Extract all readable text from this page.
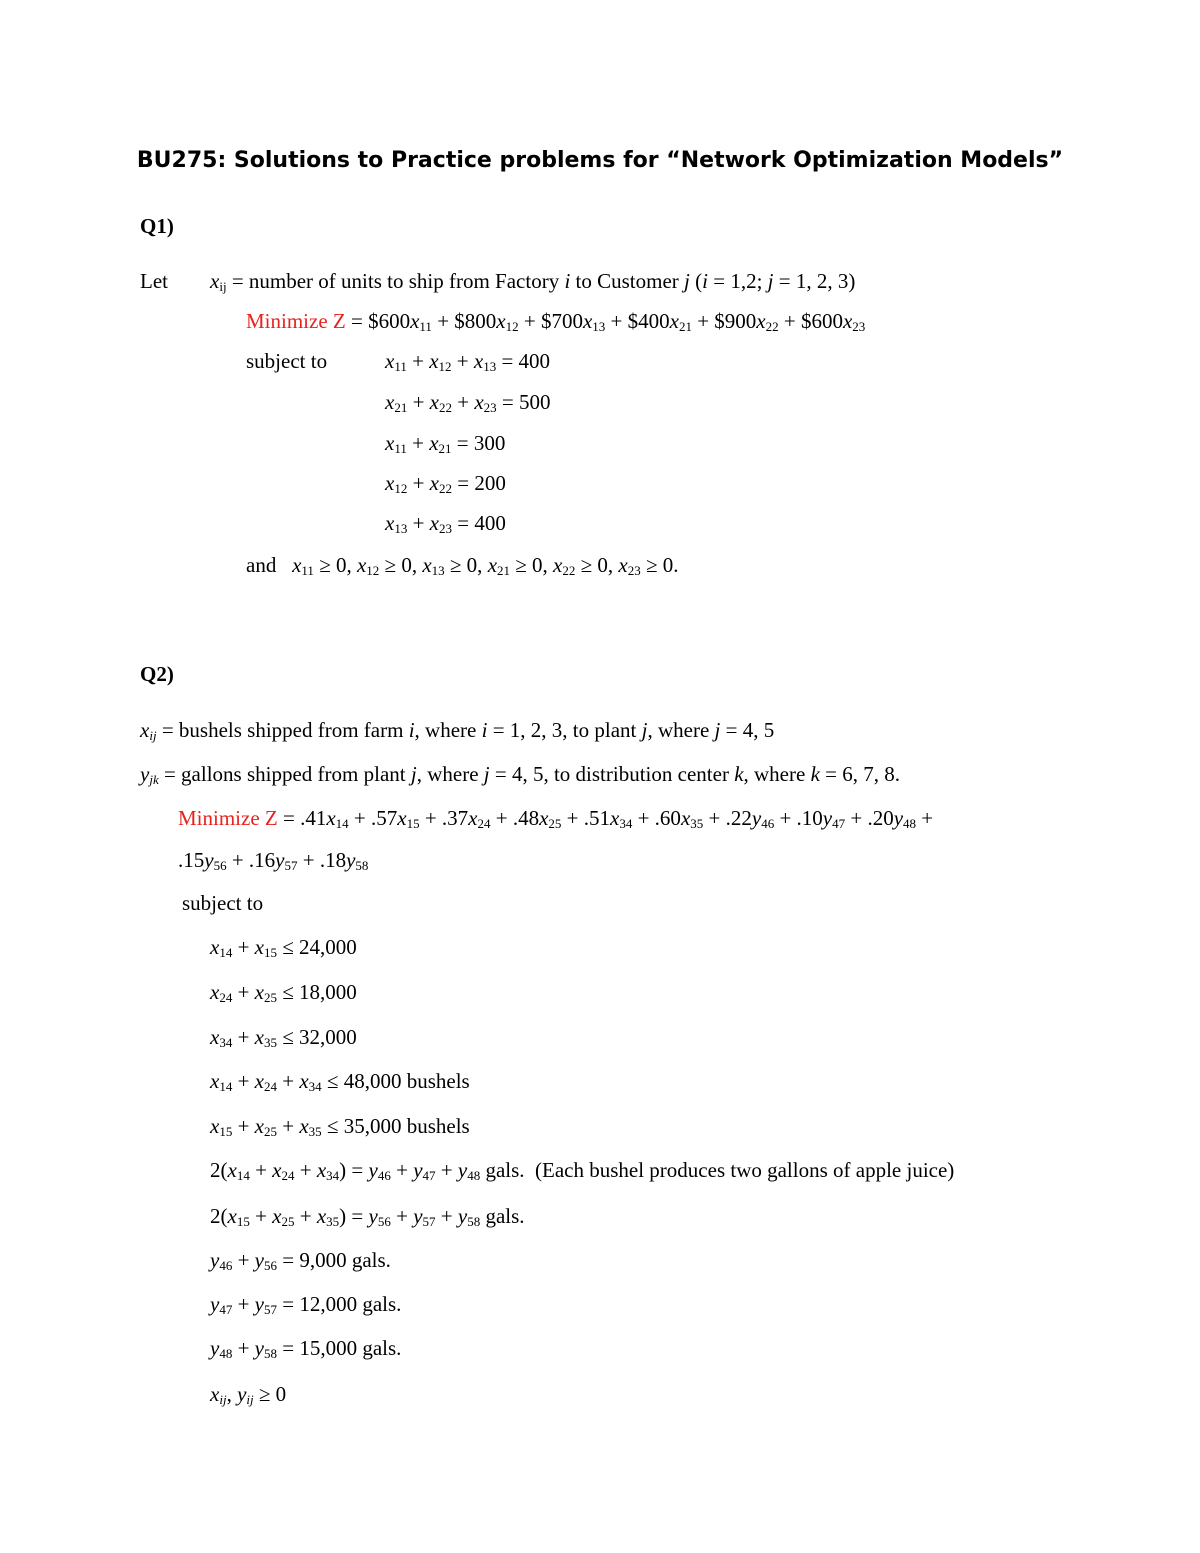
BU275: Solutions to Practice problems for “Network Optimization Models”
Q1)
Let $x_{ij}$ = number of units to ship from Factory i to Customer j (i = 1,2; j = 1, 2, 3)
Minimize $Z = \$600x_{11}$ + $\$800x_{12}$ + $\$700x_{13}$ + $\$400x_{21}$ + $\$900x_{22}$ + $\$600x_{23}$
subject to	$x_{11} + x_{12} + x_{13} = 400$
$x_{21} + x_{22} + x_{23} = 500$
$x_{11} + x_{21} = 300$
$x_{12} + x_{22} = 200$
$x_{13} + x_{23} = 400$
and   $x_{11} \ge 0$, $x_{12} \ge 0$, $x_{13} \ge 0$, $x_{21} \ge 0$, $x_{22} \ge 0$, $x_{23} \ge 0$.
Q2)
$x_{ij}$ = bushels shipped from farm i, where i = 1, 2, 3, to plant j, where j = 4, 5
$y_{jk}$ = gallons shipped from plant j, where j = 4, 5, to distribution center k, where k = 6, 7, 8.
Minimize $Z = .41x_{14} + .57x_{15} + .37x_{24} + .48x_{25} + .51x_{34} + .60x_{35} + .22y_{46} + .10y_{47} + .20y_{48}$ +
$.15y_{56} + .16y_{57} + .18y_{58}$
subject to
$x_{14} + x_{15} \le 24,000$
$x_{24} + x_{25} \le 18,000$
$x_{34} + x_{35} \le 32,000$
$x_{14} + x_{24} + x_{34} \le 48,000$ bushels
$x_{15} + x_{25} + x_{35} \le 35,000$ bushels
$2(x_{14} + x_{24} + x_{34}) = y_{46} + y_{47} + y_{48}$ gals.  (Each bushel produces two gallons of apple juice)
$2(x_{15} + x_{25} + x_{35}) = y_{56} + y_{57} + y_{58}$ gals.
$y_{46} + y_{56} = 9,000$ gals.
$y_{47} + y_{57} = 12,000$ gals.
$y_{48} + y_{58} = 15,000$ gals.
$x_{ij}$, $y_{ij} \ge 0$
